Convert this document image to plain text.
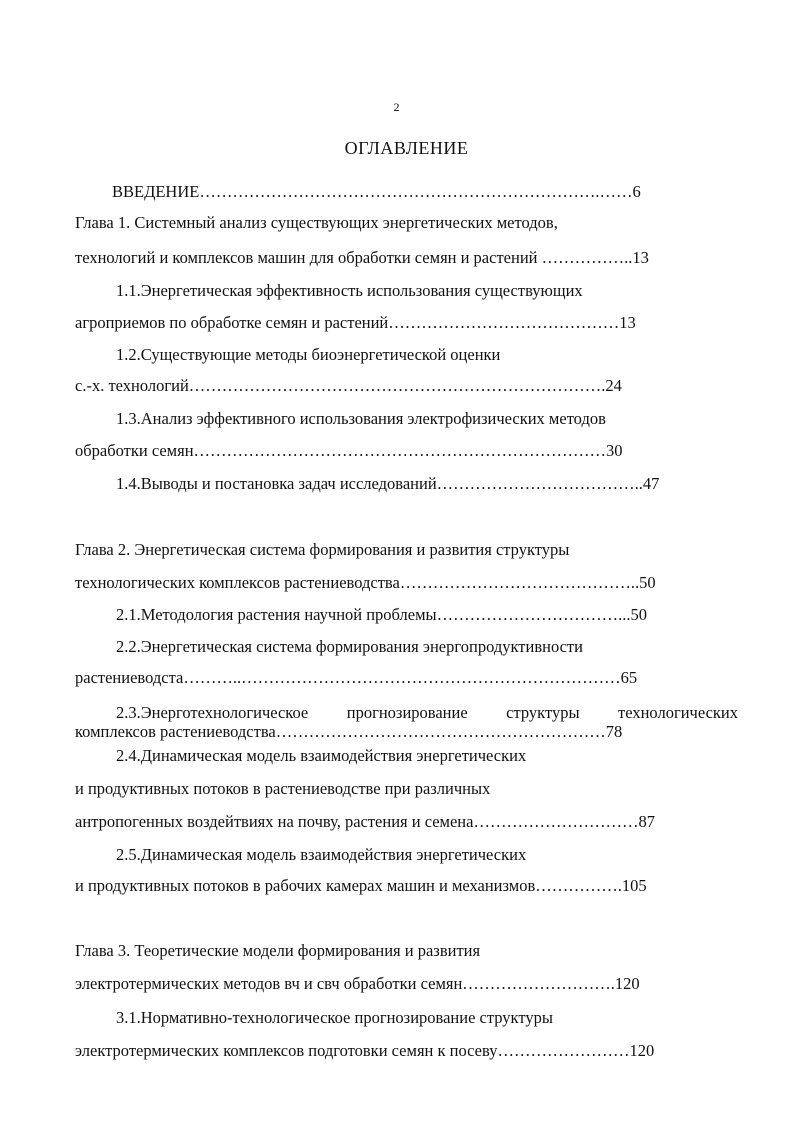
2
ОГЛАВЛЕНИЕ
ВВЕДЕНИЕ……………………………………………………………….……6
Глава 1. Системный анализ существующих энергетических методов,
технологий и комплексов машин для обработки семян и растений ……………..13
1.1.Энергетическая эффективность использования существующих
агроприемов по обработке семян и растений……………………………………13
1.2.Существующие методы биоэнергетической оценки
с.-х. технологий………………………………………………………………….24
1.3.Анализ эффективного использования электрофизических методов
обработки семян…………………………………………………………………30
1.4.Выводы и постановка задач исследований………………………………..47
Глава 2. Энергетическая система формирования и развития структуры
технологических комплексов растениеводства……………………………………..50
2.1.Методология растения научной проблемы……………………………...50
2.2.Энергетическая система формирования энергопродуктивности
растениеводста………..……………………………………………………………65
2.3.Энерготехнологическое прогнозирование структуры технологических
комплексов растениеводства……………………………………………………78
2.4.Динамическая модель взаимодействия энергетических
и продуктивных потоков в растениеводстве при различных
антропогенных воздейтвиях на почву, растения и семена…………………………87
2.5.Динамическая модель взаимодействия энергетических
и продуктивных потоков в рабочих камерах машин и механизмов…………….105
Глава 3. Теоретические модели формирования и развития
электротермических методов вч и свч обработки семян……………………….120
3.1.Нормативно-технологическое прогнозирование структуры
электротермических комплексов подготовки семян к посеву……………………120
